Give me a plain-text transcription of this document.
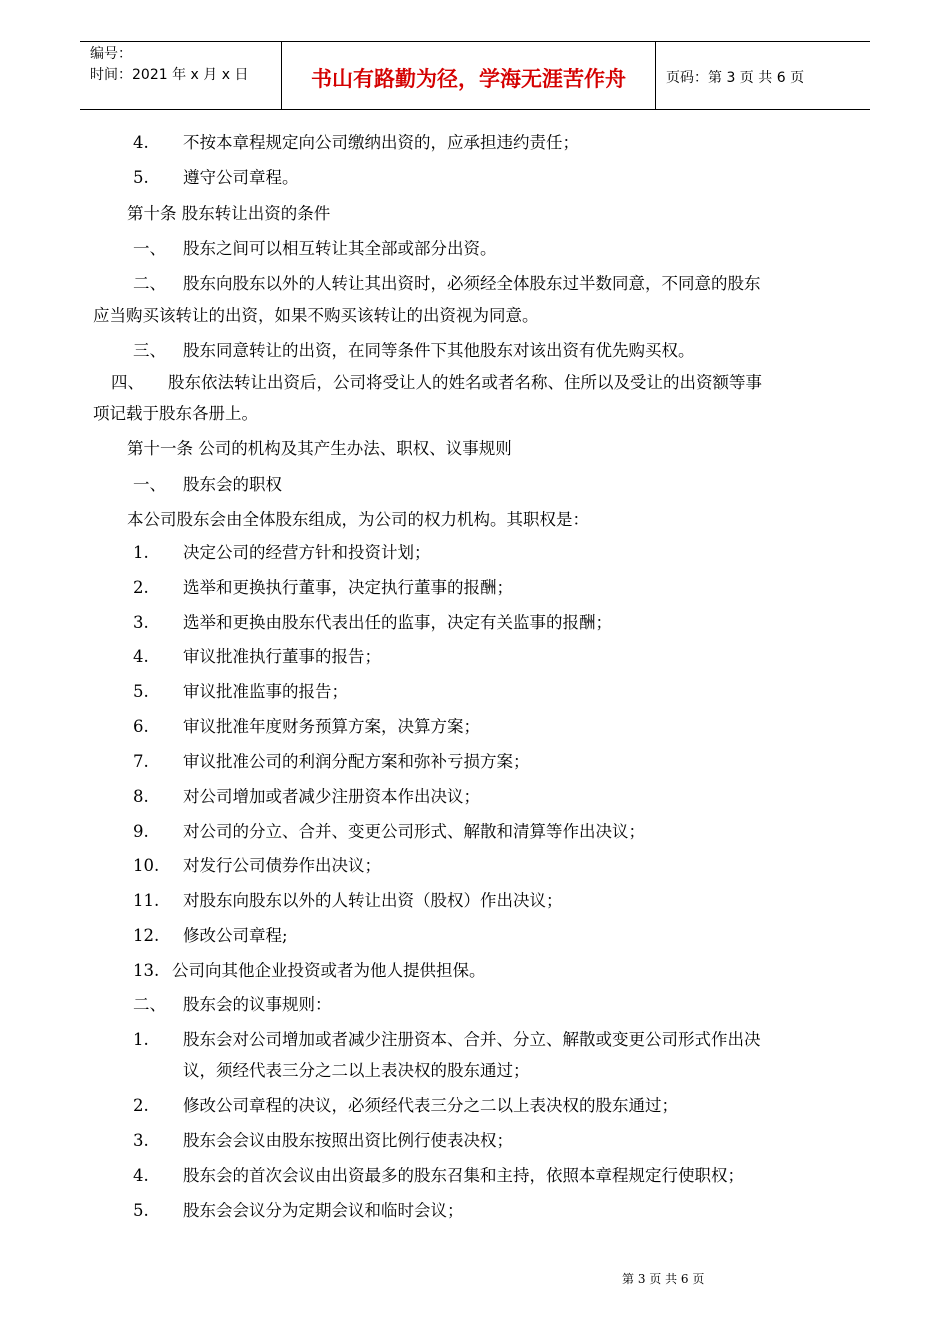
编号：
时间：2021 年 x 月 x 日	书山有路勤为径，学海无涯苦作舟	页码：第 3 页 共 6 页
4. 不按本章程规定向公司缴纳出资的，应承担违约责任；
5. 遵守公司章程。
第十条 股东转让出资的条件
一、 股东之间可以相互转让其全部或部分出资。
二、 股东向股东以外的人转让其出资时，必须经全体股东过半数同意，不同意的股东
应当购买该转让的出资，如果不购买该转让的出资视为同意。
三、 股东同意转让的出资，在同等条件下其他股东对该出资有优先购买权。
四、 股东依法转让出资后，公司将受让人的姓名或者名称、住所以及受让的出资额等事
项记载于股东各册上。
第十一条 公司的机构及其产生办法、职权、议事规则
一、 股东会的职权
本公司股东会由全体股东组成，为公司的权力机构。其职权是：
1. 决定公司的经营方针和投资计划；
2. 选举和更换执行董事，决定执行董事的报酬；
3. 选举和更换由股东代表出任的监事，决定有关监事的报酬；
4. 审议批准执行董事的报告；
5. 审议批准监事的报告；
6. 审议批准年度财务预算方案，决算方案；
7. 审议批准公司的利润分配方案和弥补亏损方案；
8. 对公司增加或者减少注册资本作出决议；
9. 对公司的分立、合并、变更公司形式、解散和清算等作出决议；
10. 对发行公司债券作出决议；
11. 对股东向股东以外的人转让出资（股权）作出决议；
12. 修改公司章程;
13. 公司向其他企业投资或者为他人提供担保。
二、 股东会的议事规则：
1. 股东会对公司增加或者减少注册资本、合并、分立、解散或变更公司形式作出决
议，须经代表三分之二以上表决权的股东通过；
2. 修改公司章程的决议，必须经代表三分之二以上表决权的股东通过；
3. 股东会会议由股东按照出资比例行使表决权；
4. 股东会的首次会议由出资最多的股东召集和主持，依照本章程规定行使职权；
5. 股东会会议分为定期会议和临时会议；
第 3 页 共 6 页
